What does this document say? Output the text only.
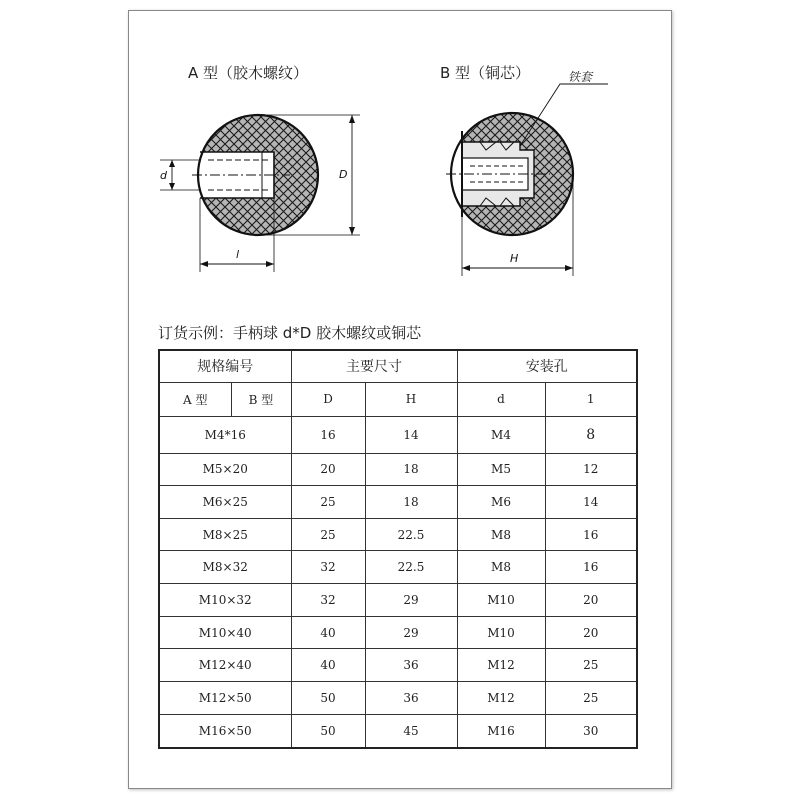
A 型（胶木螺纹）	B 型（铜芯）	铁套
d	D
l	H
订货示例：手柄球 d*D 胶木螺纹或铜芯
规格编号		主要尺寸		安装孔	
A 型	B 型	D	H	d	1
M4*16		16	14	M4	8
M5×20		20	18	M5	12
M6×25		25	18	M6	14
M8×25		25	22.5	M8	16
M8×32		32	22.5	M8	16
M10×32		32	29	M10	20
M10×40		40	29	M10	20
M12×40		40	36	M12	25
M12×50		50	36	M12	25
M16×50		50	45	M16	30
